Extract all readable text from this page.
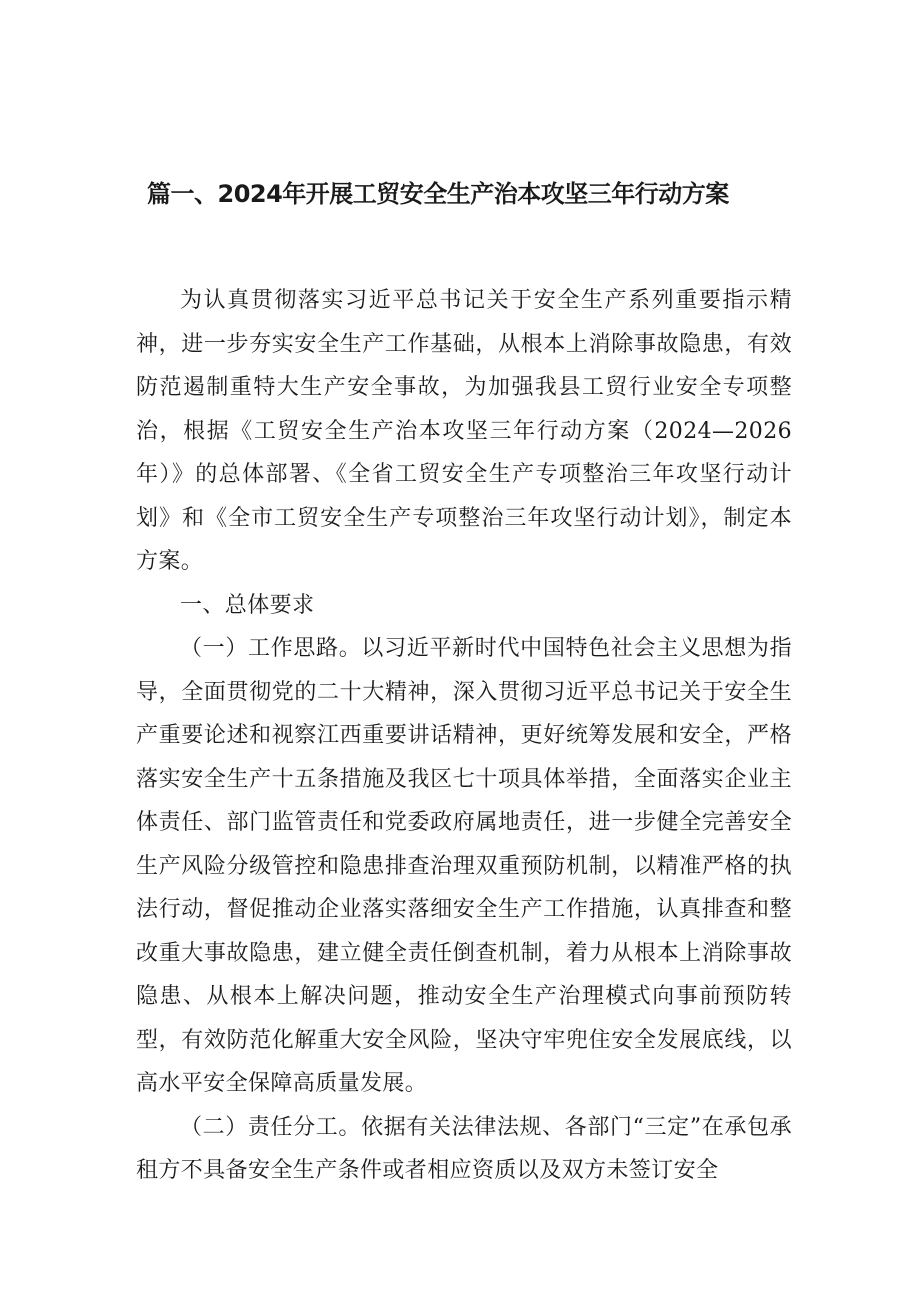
篇一、2024年开展工贸安全生产治本攻坚三年行动方案

为认真贯彻落实习近平总书记关于安全生产系列重要指示精神，进一步夯实安全生产工作基础，从根本上消除事故隐患，有效防范遏制重特大生产安全事故，为加强我县工贸行业安全专项整治，根据《工贸安全生产治本攻坚三年行动方案（2024—2026年）》的总体部署、《全省工贸安全生产专项整治三年攻坚行动计划》和《全市工贸安全生产专项整治三年攻坚行动计划》，制定本方案。

一、总体要求

（一）工作思路。以习近平新时代中国特色社会主义思想为指导，全面贯彻党的二十大精神，深入贯彻习近平总书记关于安全生产重要论述和视察江西重要讲话精神，更好统筹发展和安全，严格落实安全生产十五条措施及我区七十项具体举措，全面落实企业主体责任、部门监管责任和党委政府属地责任，进一步健全完善安全生产风险分级管控和隐患排查治理双重预防机制，以精准严格的执法行动，督促推动企业落实落细安全生产工作措施，认真排查和整改重大事故隐患，建立健全责任倒查机制，着力从根本上消除事故隐患、从根本上解决问题，推动安全生产治理模式向事前预防转型，有效防范化解重大安全风险，坚决守牢兜住安全发展底线，以高水平安全保障高质量发展。

（二）责任分工。依据有关法律法规、各部门“三定”在承包承租方不具备安全生产条件或者相应资质以及双方未签订安全
